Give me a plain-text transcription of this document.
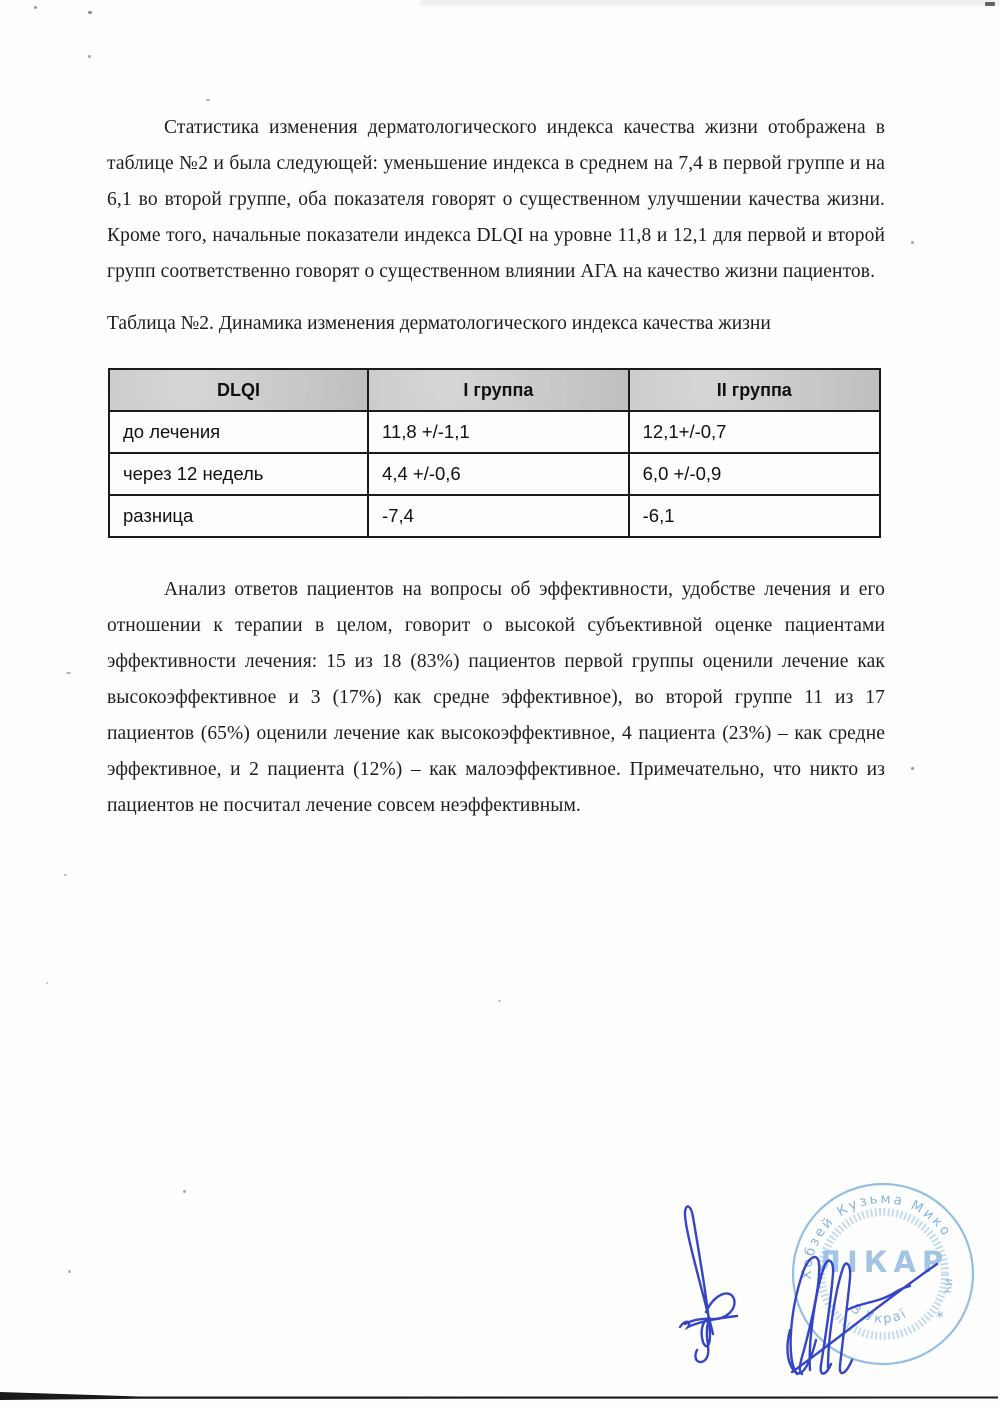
Статистика изменения дерматологического индекса качества жизни отображена в таблице №2 и была следующей: уменьшение индекса в среднем на 7,4 в первой группе и на 6,1 во второй группе, оба показателя говорят о существенном улучшении качества жизни. Кроме того, начальные показатели индекса DLQI на уровне 11,8 и 12,1 для первой и второй групп соответственно говорят о существенном влиянии АГА на качество жизни пациентов.

Таблица №2. Динамика изменения дерматологического индекса качества жизни

DLQI	I группа	II группа
до лечения	11,8 +/-1,1	12,1+/-0,7
через 12 недель	4,4 +/-0,6	6,0 +/-0,9
разница	-7,4	-6,1

Анализ ответов пациентов на вопросы об эффективности, удобстве лечения и его отношении к терапии в целом, говорит о высокой субъективной оценке пациентами эффективности лечения: 15 из 18 (83%) пациентов первой группы оценили лечение как высокоэффективное и 3 (17%) как средне эффективное), во второй группе 11 из 17 пациентов (65%) оценили лечение как высокоэффективное, 4 пациента (23%) – как средне эффективное, и 2 пациента (12%) – как малоэффективное. Примечательно, что никто из пациентов не посчитал лечение совсем неэффективным.

Хобзей Кузьма Мико
ич
ЛІКАР
З Украї *
